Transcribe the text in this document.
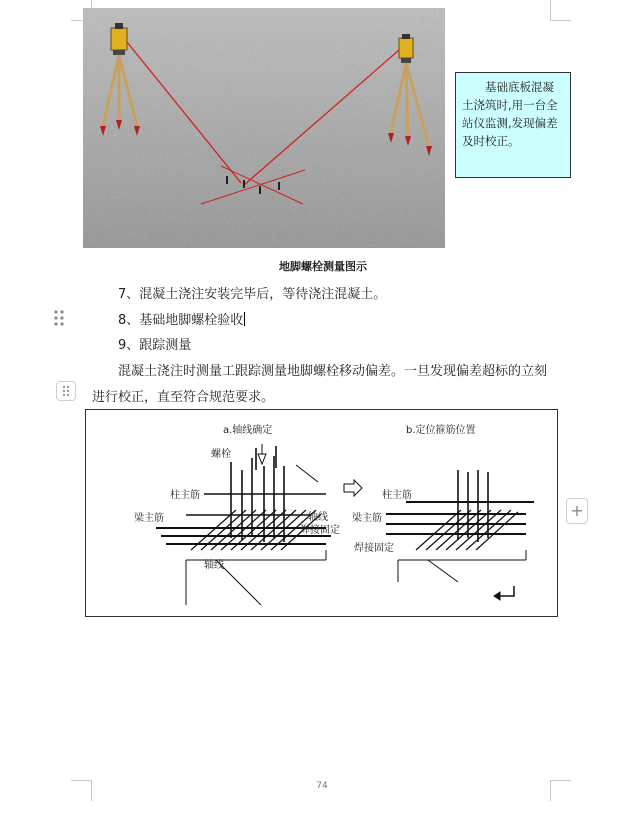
基础底板混凝土浇筑时,用一台全站仪监测,发现偏差及时校正。
地脚螺栓测量图示
7、混凝土浇注安装完毕后，等待浇注混凝土。
8、基础地脚螺栓验收
9、跟踪测量
混凝土浇注时测量工跟踪测量地脚螺栓移动偏差。一旦发现偏差超标的立刻
进行校正，直至符合规范要求。
a.轴线确定	b.定位箍筋位置
螺栓
柱主筋
梁主筋	轴线
焊接固定
轴线
柱主筋
梁主筋
焊接固定
+
74
